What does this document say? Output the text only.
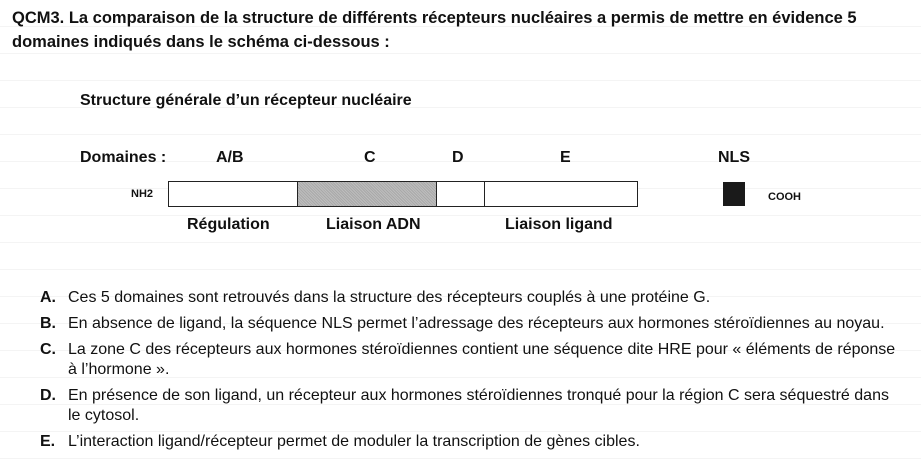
QCM3. La comparaison de la structure de différents récepteurs nucléaires a permis de mettre en évidence 5 domaines indiqués dans le schéma ci-dessous :

Structure générale d’un récepteur nucléaire

Domaines :	A/B	C	D	E	NLS
NH2	COOH
Régulation	Liaison ADN	Liaison ligand
A. Ces 5 domaines sont retrouvés dans la structure des récepteurs couplés à une protéine G.
B. En absence de ligand, la séquence NLS permet l’adressage des récepteurs aux hormones stéroïdiennes au noyau.
C. La zone C des récepteurs aux hormones stéroïdiennes contient une séquence dite HRE pour « éléments de réponse à l’hormone ».
D. En présence de son ligand, un récepteur aux hormones stéroïdiennes tronqué pour la région C sera séquestré dans le cytosol.
E. L’interaction ligand/récepteur permet de moduler la transcription de gènes cibles.
